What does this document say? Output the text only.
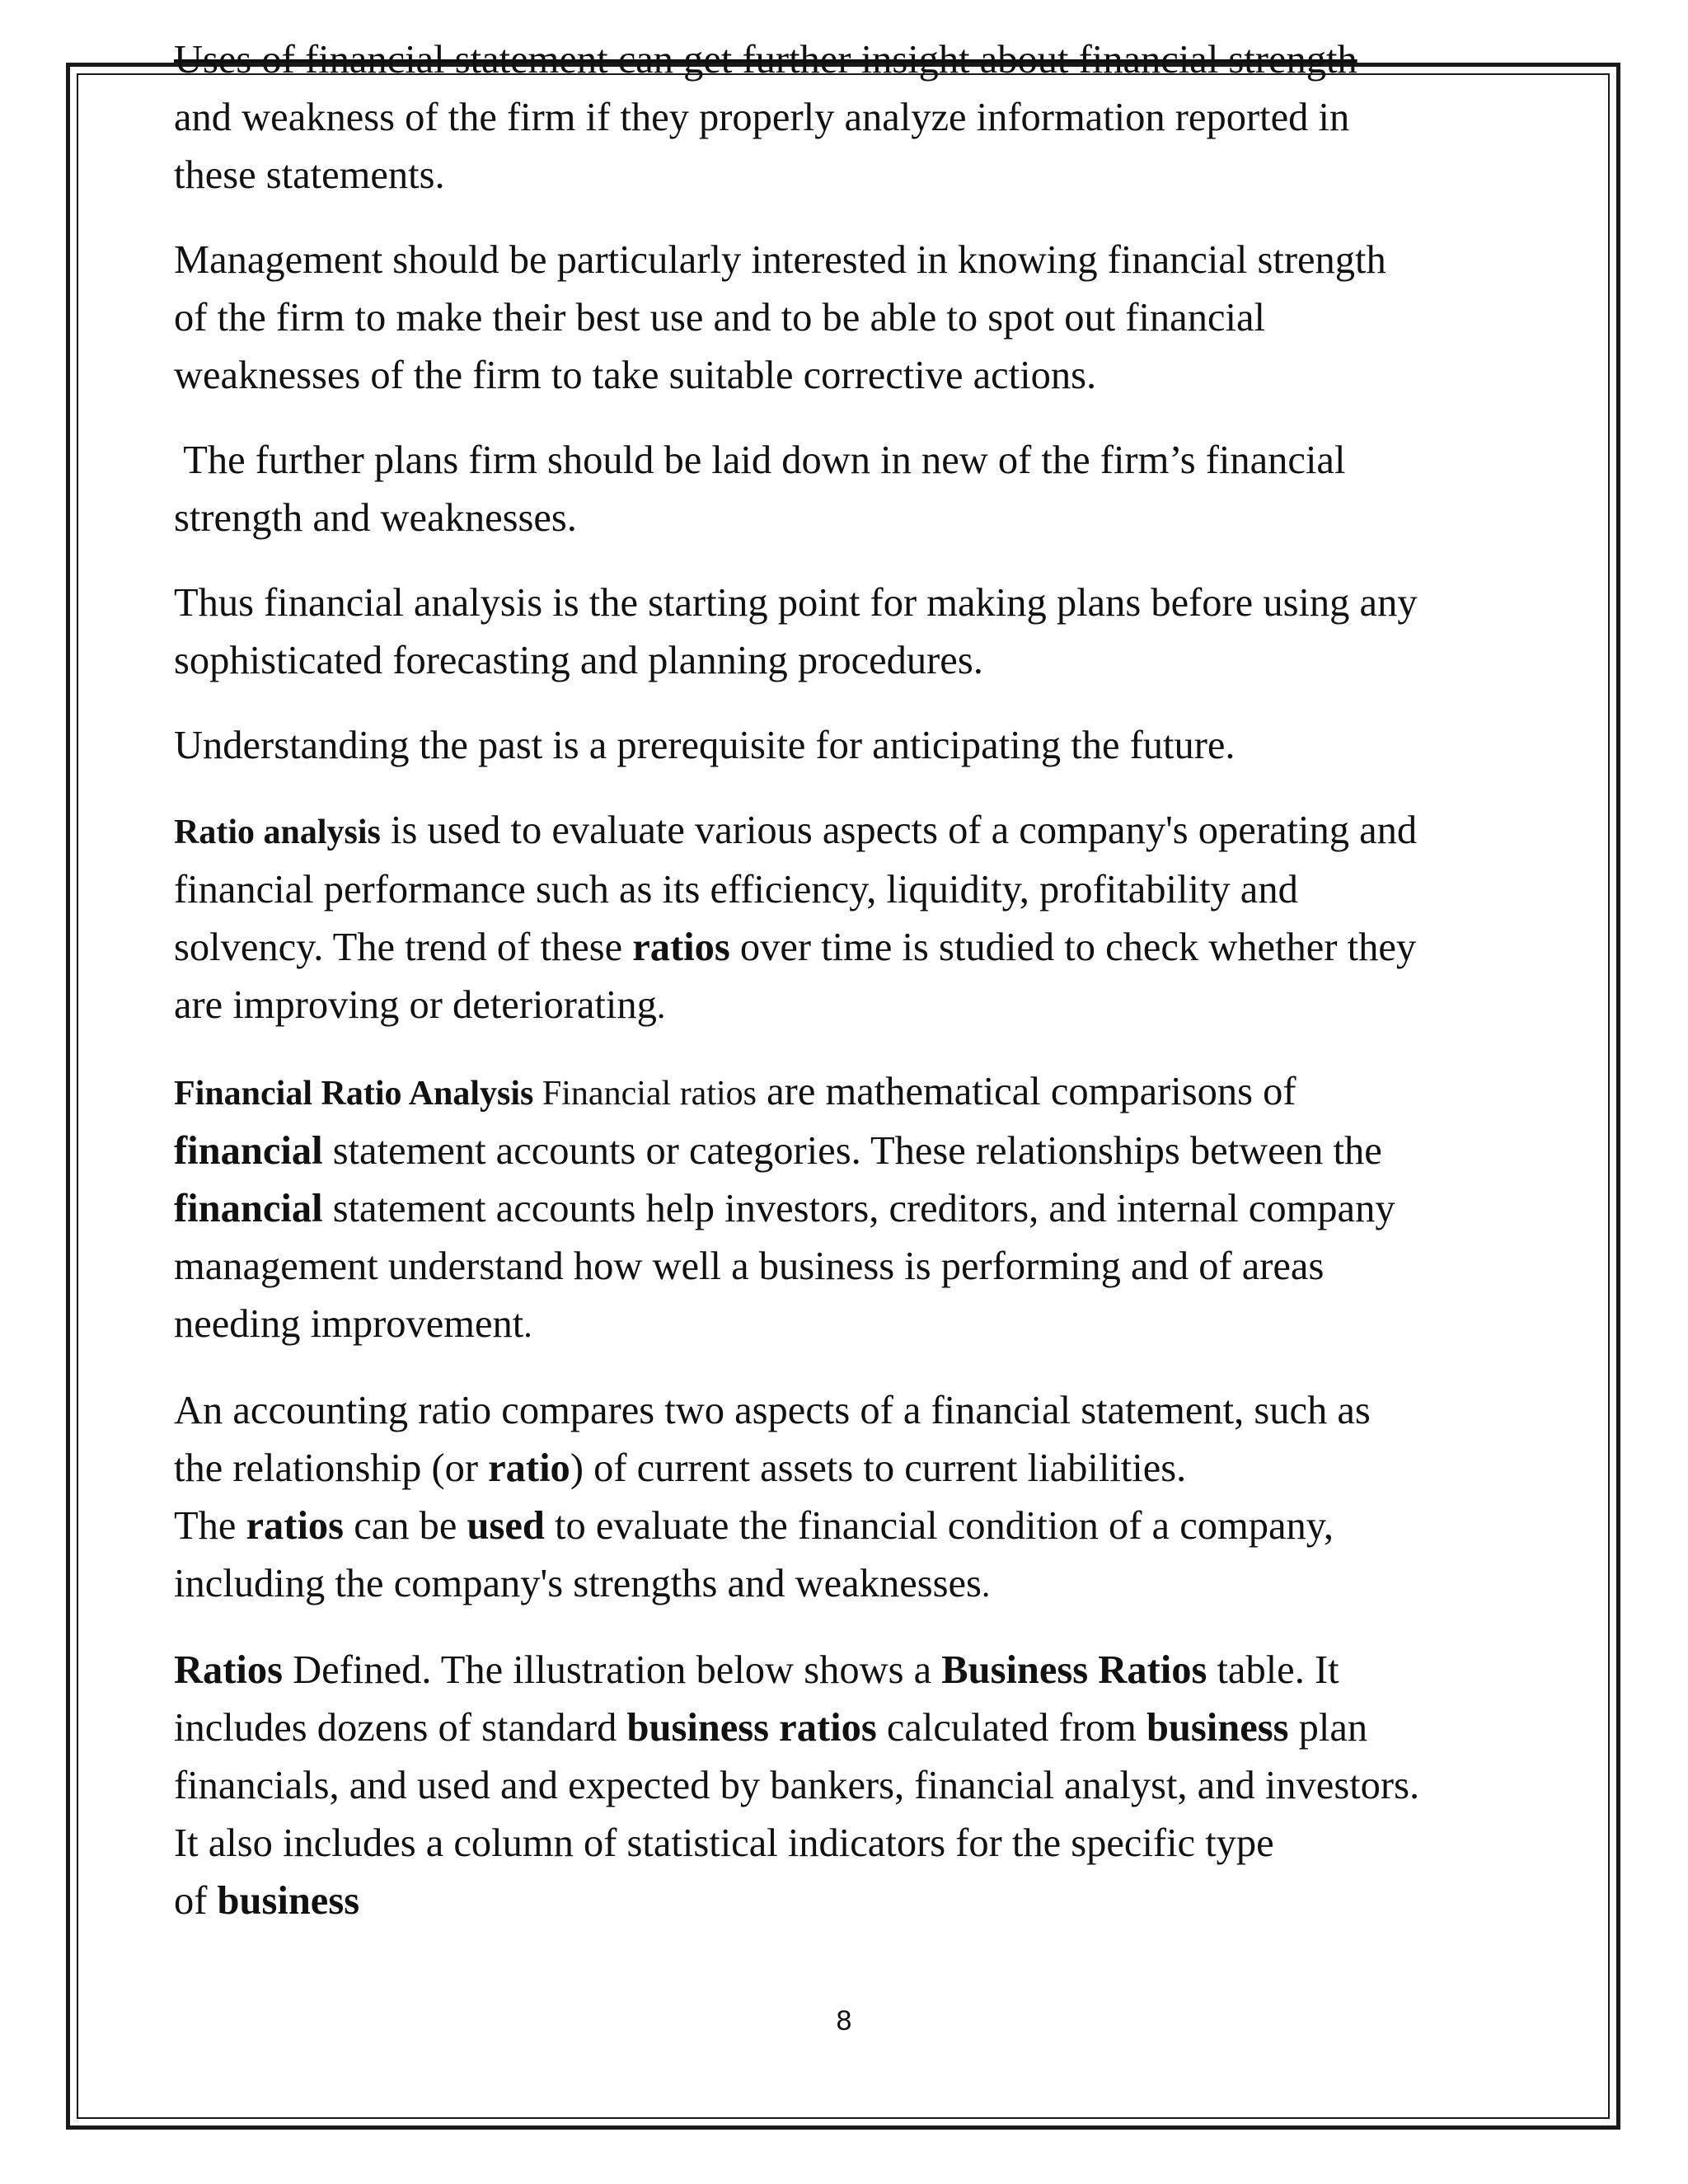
Uses of financial statement can get further insight about financial strength
and weakness of the firm if they properly analyze information reported in
these statements.
Management should be particularly interested in knowing financial strength
of the firm to make their best use and to be able to spot out financial
weaknesses of the firm to take suitable corrective actions.
The further plans firm should be laid down in new of the firm’s financial
strength and weaknesses.
Thus financial analysis is the starting point for making plans before using any
sophisticated forecasting and planning procedures.
Understanding the past is a prerequisite for anticipating the future.
Ratio analysis is used to evaluate various aspects of a company's operating and
financial performance such as its efficiency, liquidity, profitability and
solvency. The trend of these ratios over time is studied to check whether they
are improving or deteriorating.
Financial Ratio Analysis Financial ratios are mathematical comparisons of
financial statement accounts or categories. These relationships between the
financial statement accounts help investors, creditors, and internal company
management understand how well a business is performing and of areas
needing improvement.
An accounting ratio compares two aspects of a financial statement, such as
the relationship (or ratio) of current assets to current liabilities.
The ratios can be used to evaluate the financial condition of a company,
including the company's strengths and weaknesses.
Ratios Defined. The illustration below shows a Business Ratios table. It
includes dozens of standard business ratios calculated from business plan
financials, and used and expected by bankers, financial analyst, and investors.
It also includes a column of statistical indicators for the specific type
of business
8
